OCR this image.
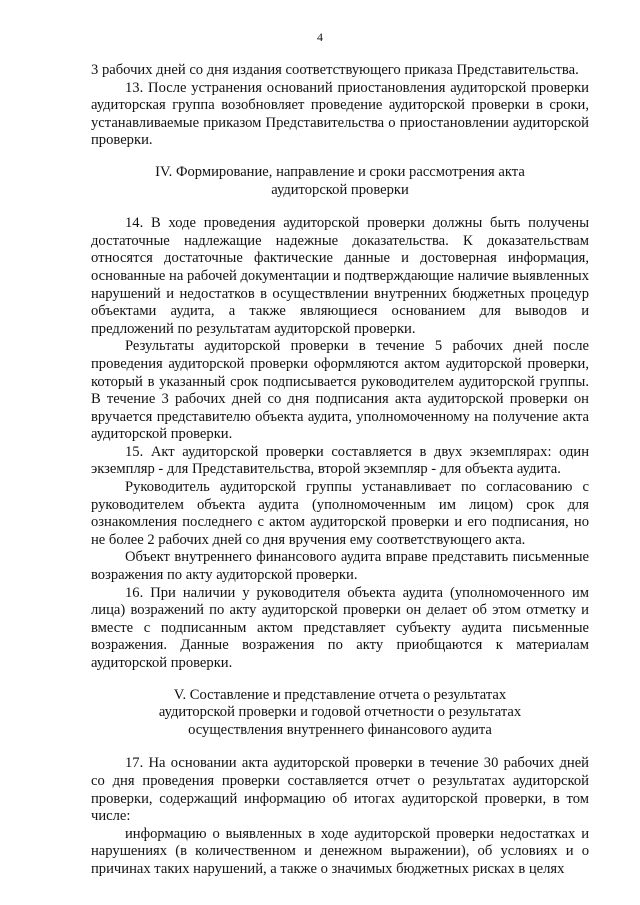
4

3 рабочих дней со дня издания соответствующего приказа Представительства.

13. После устранения оснований приостановления аудиторской проверки аудиторская группа возобновляет проведение аудиторской проверки в сроки, устанавливаемые приказом Представительства о приостановлении аудиторской проверки.

IV. Формирование, направление и сроки рассмотрения акта
аудиторской проверки

14. В ходе проведения аудиторской проверки должны быть получены достаточные надлежащие надежные доказательства. К доказательствам относятся достаточные фактические данные и достоверная информация, основанные на рабочей документации и подтверждающие наличие выявленных нарушений и недостатков в осуществлении внутренних бюджетных процедур объектами аудита, а также являющиеся основанием для выводов и предложений по результатам аудиторской проверки.

Результаты аудиторской проверки в течение 5 рабочих дней после проведения аудиторской проверки оформляются актом аудиторской проверки, который в указанный срок подписывается руководителем аудиторской группы. В течение 3 рабочих дней со дня подписания акта аудиторской проверки он вручается представителю объекта аудита, уполномоченному на получение акта аудиторской проверки.

15. Акт аудиторской проверки составляется в двух экземплярах: один экземпляр - для Представительства, второй экземпляр - для объекта аудита.

Руководитель аудиторской группы устанавливает по согласованию с руководителем объекта аудита (уполномоченным им лицом) срок для ознакомления последнего с актом аудиторской проверки и его подписания, но не более 2 рабочих дней со дня вручения ему соответствующего акта.

Объект внутреннего финансового аудита вправе представить письменные возражения по акту аудиторской проверки.

16. При наличии у руководителя объекта аудита (уполномоченного им лица) возражений по акту аудиторской проверки он делает об этом отметку и вместе с подписанным актом представляет субъекту аудита письменные возражения. Данные возражения по акту приобщаются к материалам аудиторской проверки.

V. Составление и представление отчета о результатах
аудиторской проверки и годовой отчетности о результатах
осуществления внутреннего финансового аудита

17. На основании акта аудиторской проверки в течение 30 рабочих дней со дня проведения проверки составляется отчет о результатах аудиторской проверки, содержащий информацию об итогах аудиторской проверки, в том числе:

информацию о выявленных в ходе аудиторской проверки недостатках и нарушениях (в количественном и денежном выражении), об условиях и о причинах таких нарушений, а также о значимых бюджетных рисках в целях
